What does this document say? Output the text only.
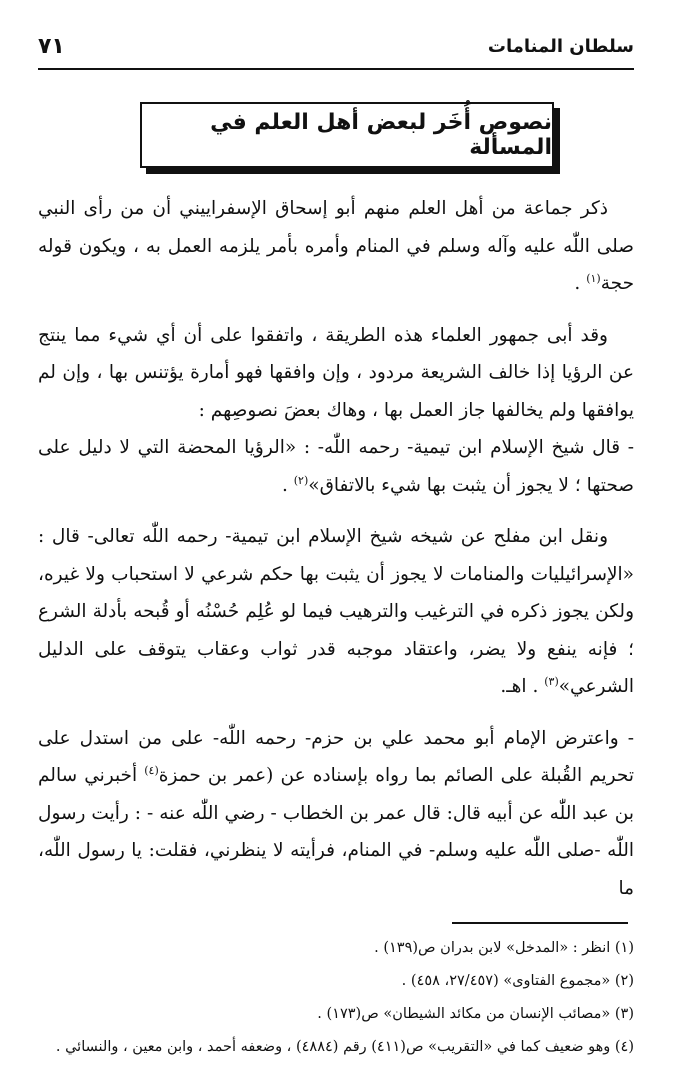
سلطان المنامات
٧١
نصوص أُخَر لبعض أهل العلم في المسألة

ذكر جماعة من أهل العلم منهم أبو إسحاق الإسفراييني أن من رأى النبي صلى اللّٰه عليه وآله وسلم في المنام وأمره بأمر يلزمه العمل به ، ويكون قوله حجة$^{(١)}$ .

وقد أبى جمهور العلماء هذه الطريقة ، واتفقوا على أن أي شيء مما ينتج عن الرؤيا إذا خالف الشريعة مردود ، وإن وافقها فهو أمارة يؤتنس بها ، وإن لم يوافقها ولم يخالفها جاز العمل بها ، وهاك بعضَ نصوصِهم :

- قال شيخ الإسلام ابن تيمية- رحمه اللّٰه- : «الرؤيا المحضة التي لا دليل على صحتها ؛ لا يجوز أن يثبت بها شيء بالاتفاق»$^{(٢)}$ .

ونقل ابن مفلح عن شيخه شيخ الإسلام ابن تيمية- رحمه اللّٰه تعالى- قال : «الإسرائيليات والمنامات لا يجوز أن يثبت بها حكم شرعي لا استحباب ولا غيره، ولكن يجوز ذكره في الترغيب والترهيب فيما لو عُلِم حُسْنُه أو قُبحه بأدلة الشرع ؛ فإنه ينفع ولا يضر، واعتقاد موجبه قدر ثواب وعقاب يتوقف على الدليل الشرعي»$^{(٣)}$ . اهـ.

- واعترض الإمام أبو محمد علي بن حزم- رحمه اللّٰه- على من استدل على تحريم القُبلة على الصائم بما رواه بإسناده عن (عمر بن حمزة$^{(٤)}$ أخبرني سالم بن عبد اللّٰه عن أبيه قال: قال عمر بن الخطاب - رضي اللّٰه عنه - : رأيت رسول اللّٰه -صلى اللّٰه عليه وسلم- في المنام، فرأيته لا ينظرني، فقلت: يا رسول اللّٰه، ما

(١) انظر : «المدخل» لابن بدران ص(١٣٩) .
(٢) «مجموع الفتاوى» (٢٧/٤٥٧، ٤٥٨) .
(٣) «مصائب الإنسان من مكائد الشيطان» ص(١٧٣) .
(٤) وهو ضعيف كما في «التقريب» ص(٤١١) رقم (٤٨٨٤) ، وضعفه أحمد ، وابن معين ، والنسائي .
